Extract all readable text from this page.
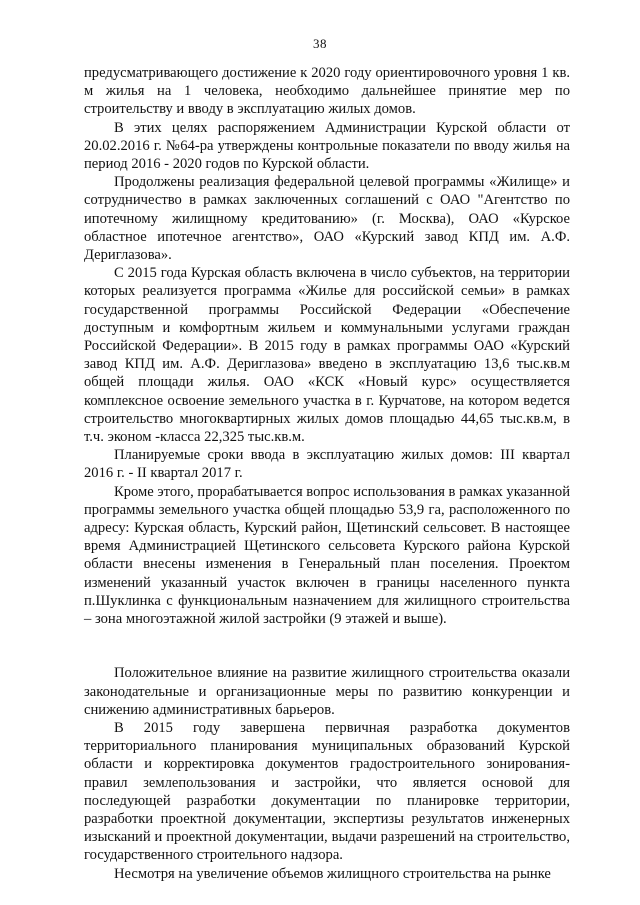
38

предусматривающего достижение к 2020 году ориентировочного уровня 1 кв. м жилья на 1 человека, необходимо дальнейшее принятие мер по строительству и вводу в эксплуатацию жилых домов.

В этих целях распоряжением Администрации Курской области от 20.02.2016 г. №64-ра утверждены контрольные показатели по вводу жилья на период 2016 - 2020 годов по Курской области.

Продолжены реализация федеральной целевой программы «Жилище» и сотрудничество в рамках заключенных соглашений с ОАО "Агентство по ипотечному жилищному кредитованию» (г. Москва), ОАО «Курское областное ипотечное агентство», ОАО «Курский завод КПД им. А.Ф. Дериглазова».

С 2015 года Курская область включена в число субъектов, на территории которых реализуется программа «Жилье для российской семьи» в рамках государственной программы Российской Федерации «Обеспечение доступным и комфортным жильем и коммунальными услугами граждан Российской Федерации». В 2015 году в рамках программы ОАО «Курский завод КПД им. А.Ф. Дериглазова» введено в эксплуатацию 13,6 тыс.кв.м общей площади жилья. ОАО «КСК «Новый курс» осуществляется комплексное освоение земельного участка в г. Курчатове, на котором ведется строительство многоквартирных жилых домов площадью 44,65 тыс.кв.м, в т.ч. эконом -класса 22,325 тыс.кв.м.

Планируемые сроки ввода в эксплуатацию жилых домов: III квартал 2016 г. - II квартал 2017 г.

Кроме этого, прорабатывается вопрос использования в рамках указанной программы земельного участка общей площадью 53,9 га, расположенного по адресу: Курская область, Курский район, Щетинский сельсовет. В настоящее время Администрацией Щетинского сельсовета Курского района Курской области внесены изменения в Генеральный план поселения. Проектом изменений указанный участок включен в границы населенного пункта п.Шуклинка с функциональным назначением для жилищного строительства – зона многоэтажной жилой застройки (9 этажей и выше).

Положительное влияние на развитие жилищного строительства оказали законодательные и организационные меры по развитию конкуренции и снижению административных барьеров.

В 2015 году завершена первичная разработка документов территориального планирования муниципальных образований Курской области и корректировка документов градостроительного зонирования-правил землепользования и застройки, что является основой для последующей разработки документации по планировке территории, разработки проектной документации, экспертизы результатов инженерных изысканий и проектной документации, выдачи разрешений на строительство, государственного строительного надзора.

Несмотря на увеличение объемов жилищного строительства на рынке
